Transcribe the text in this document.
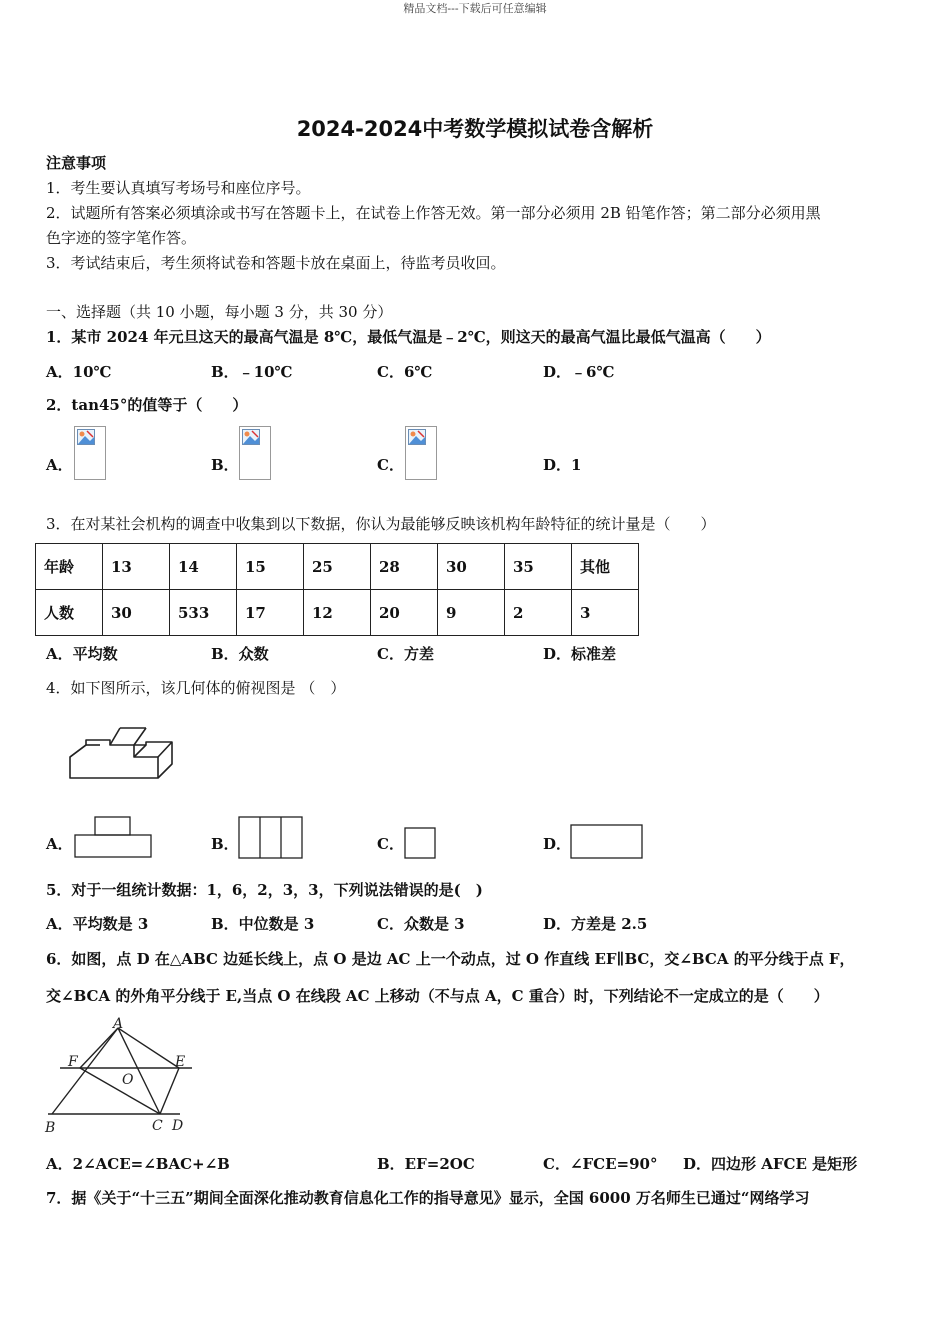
精品文档---下载后可任意编辑
2024-2024中考数学模拟试卷含解析
注意事项
1．考生要认真填写考场号和座位序号。
2．试题所有答案必须填涂或书写在答题卡上，在试卷上作答无效。第一部分必须用 2B 铅笔作答；第二部分必须用黑
色字迹的签字笔作答。
3．考试结束后，考生须将试卷和答题卡放在桌面上，待监考员收回。
一、选择题（共 10 小题，每小题 3 分，共 30 分）
1．某市 2024 年元旦这天的最高气温是 8℃，最低气温是﹣2℃，则这天的最高气温比最低气温高（　　）
A．10℃	B．﹣10℃	C．6℃	D．﹣6℃
2．tan45°的值等于（　　）
A．	B．	C．	D．1
3．在对某社会机构的调查中收集到以下数据，你认为最能够反映该机构年龄特征的统计量是（　　）
年龄	13	14	15	25	28	30	35	其他
人数	30	533	17	12	20	9	2	3
A．平均数	B．众数	C．方差	D．标准差
4．如下图所示，该几何体的俯视图是 （　）
A．	B．	C．	D．
5．对于一组统计数据：1，6，2，3，3，下列说法错误的是(　)
A．平均数是 3	B．中位数是 3	C．众数是 3	D．方差是 2.5
6．如图，点 D 在△ABC 边延长线上，点 O 是边 AC 上一个动点，过 O 作直线 EF∥BC，交∠BCA 的平分线于点 F，
交∠BCA 的外角平分线于 E,当点 O 在线段 AC 上移动（不与点 A，C 重合）时，下列结论不一定成立的是（　　）
A
F	E
O
B	C D
A．2∠ACE=∠BAC+∠B	B．EF=2OC	C．∠FCE=90° D．四边形 AFCE 是矩形
7．据《关于“十三五”期间全面深化推动教育信息化工作的指导意见》显示，全国 6000 万名师生已通过“网络学习
